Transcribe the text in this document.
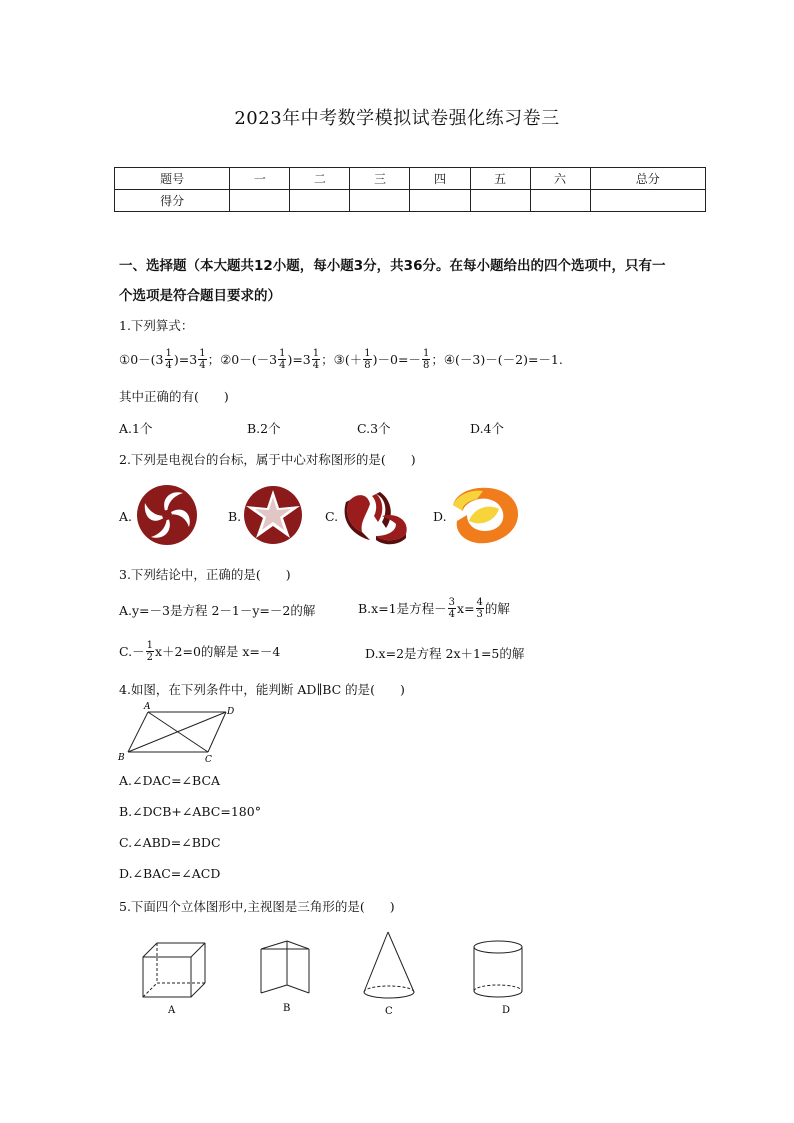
2023年中考数学模拟试卷强化练习卷三
题号	一	二	三	四	五	六	总分
得分							
一、选择题（本大题共12小题，每小题3分，共36分。在每小题给出的四个选项中，只有一
个选项是符合题目要求的）
1.下列算式：
①0－(3 $\frac{1}{4} )=3 \frac{1}{4}$ ； ②0－(－3 $\frac{1}{4} )=3 \frac{1}{4}$ ； ③(＋ $\frac{1}{8} )-0=- \frac{1}{8}$ ； ④(－3)－(－2)=－1.
其中正确的有(　　)
A.1个	B.2个	C.3个	D.4个
2.下列是电视台的台标，属于中心对称图形的是(　　)
A.	B.	C.	D.
3.下列结论中，正确的是(　　)
A.y=－3是方程 2－1－y=－2的解	B.x=1是方程－ $\frac{3}{4} x= \frac{4}{3}$ 的解
$C.- \frac{1}{2} x+2=0$的解是 x=－4	D.x=2是方程 2x＋1=5的解
4.如图，在下列条件中，能判断 AD∥BC 的是(　　)
A	D
B	C
A.∠DAC=∠BCA
B.∠DCB+∠ABC=180°
C.∠ABD=∠BDC
D.∠BAC=∠ACD
5.下面四个立体图形中,主视图是三角形的是(　　)
A	B	C	D
